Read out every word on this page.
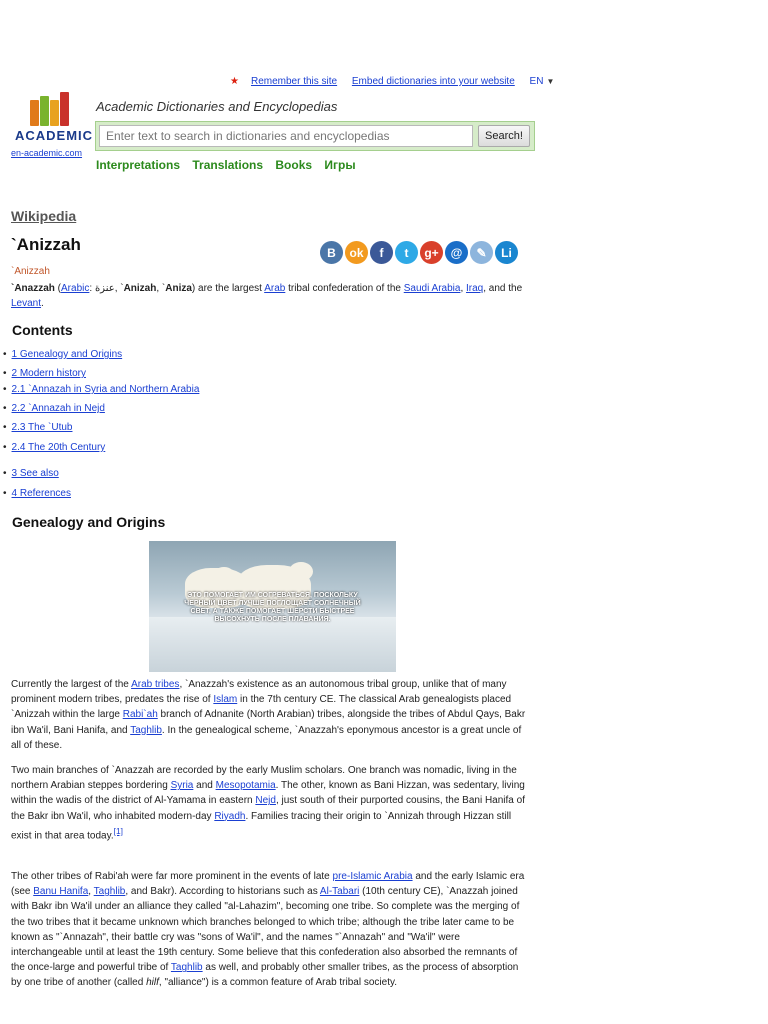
★ Remember this site Embed dictionaries into your website EN ▼
ACADEMIC
en-academic.com
Academic Dictionaries and Encyclopedias
Enter text to search in dictionaries and encyclopedias	Search!
Interpretations Translations Books Игры
Wikipedia
`Anizzah	B	ok	f	t	g+ @	✎	Li
`Anizzah
`Anazzah (Arabic: عنزة, `Anizah, `Aniza) are the largest Arab tribal confederation of the Saudi Arabia, Iraq, and the Levant.
Contents
• 1 Genealogy and Origins
• 2 Modern history
• 2.1 `Annazah in Syria and Northern Arabia
• 2.2 `Annazah in Nejd
• 2.3 The `Utub
• 2.4 The 20th Century
• 3 See also
• 4 References
Genealogy and Origins
ЭТО ПОМОГАЕТ ИМ СОГРЕВАТЬСЯ, ПОСКОЛЬКУ
ЧЕРНЫЙ ЦВЕТ ЛУЧШЕ ПОГЛОЩАЕТ СОЛНЕЧНЫЙ
СВЕТ, А ТАКЖЕ ПОМОГАЕТ ШЕРСТИ БЫСТРЕЕ
ВЫСОХНУТЬ ПОСЛЕ ПЛАВАНИЯ.
Currently the largest of the Arab tribes, `Anazzah's existence as an autonomous tribal group, unlike that of many prominent modern tribes, predates the rise of Islam in the 7th century CE. The classical Arab genealogists placed `Anizzah within the large Rabi`ah branch of Adnanite (North Arabian) tribes, alongside the tribes of Abdul Qays, Bakr ibn Wa'il, Bani Hanifa, and Taghlib. In the genealogical scheme, `Anazzah's eponymous ancestor is a great uncle of all of these.
Two main branches of `Anazzah are recorded by the early Muslim scholars. One branch was nomadic, living in the northern Arabian steppes bordering Syria and Mesopotamia. The other, known as Bani Hizzan, was sedentary, living within the wadis of the district of Al-Yamama in eastern Nejd, just south of their purported cousins, the Bani Hanifa of the Bakr ibn Wa'il, who inhabited modern-day Riyadh. Families tracing their origin to `Annizah through Hizzan still exist in that area today.[1]
The other tribes of Rabi'ah were far more prominent in the events of late pre-Islamic Arabia and the early Islamic era (see Banu Hanifa, Taghlib, and Bakr). According to historians such as Al-Tabari (10th century CE), `Anazzah joined with Bakr ibn Wa'il under an alliance they called "al-Lahazim", becoming one tribe. So complete was the merging of the two tribes that it became unknown which branches belonged to which tribe; although the tribe later came to be known as "`Annazah", their battle cry was "sons of Wa'il", and the names "`Annazah" and "Wa'il" were interchangeable until at least the 19th century. Some believe that this confederation also absorbed the remnants of the once-large and powerful tribe of Taghlib as well, and probably other smaller tribes, as the process of absorption by one tribe of another (called hilf, "alliance") is a common feature of Arab tribal society.
